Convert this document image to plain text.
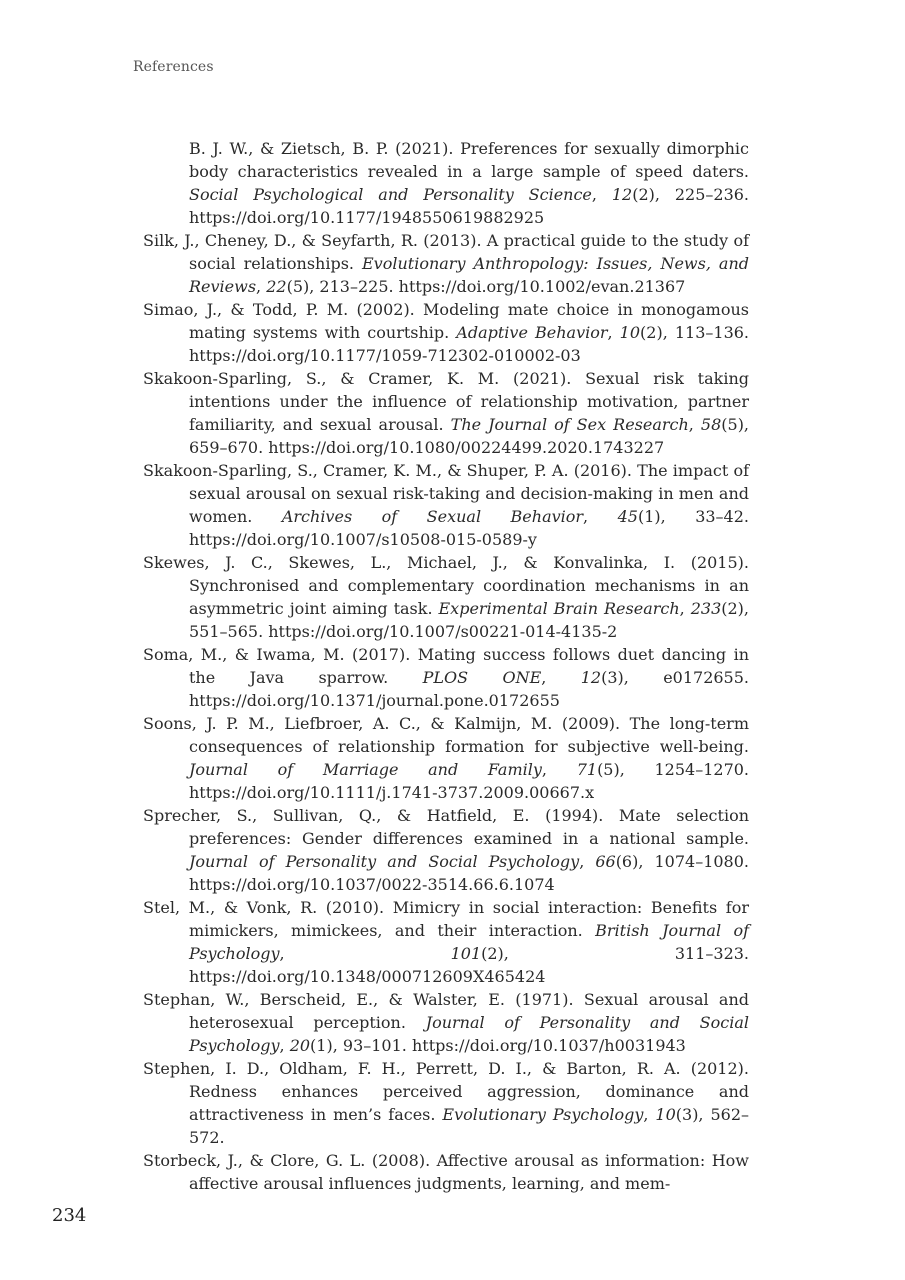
References

B. J. W., & Zietsch, B. P. (2021). Preferences for sexually dimorphic body characteristics revealed in a large sample of speed daters. Social Psychological and Personality Science, 12(2), 225–236. https://doi.org/10.1177/1948550619882925

Silk, J., Cheney, D., & Seyfarth, R. (2013). A practical guide to the study of social relationships. Evolutionary Anthropology: Issues, News, and Reviews, 22(5), 213–225. https://doi.org/10.1002/evan.21367

Simao, J., & Todd, P. M. (2002). Modeling mate choice in monogamous mating systems with courtship. Adaptive Behavior, 10(2), 113–136. https://doi.org/10.1177/1059-712302-010002-03

Skakoon-Sparling, S., & Cramer, K. M. (2021). Sexual risk taking intentions under the influence of relationship motivation, partner familiarity, and sexual arousal. The Journal of Sex Research, 58(5), 659–670. https://doi.org/10.1080/00224499.2020.1743227

Skakoon-Sparling, S., Cramer, K. M., & Shuper, P. A. (2016). The impact of sexual arousal on sexual risk-taking and decision-making in men and women. Archives of Sexual Behavior, 45(1), 33–42. https://doi.org/10.1007/s10508-015-0589-y

Skewes, J. C., Skewes, L., Michael, J., & Konvalinka, I. (2015). Synchronised and complementary coordination mechanisms in an asymmetric joint aiming task. Experimental Brain Research, 233(2), 551–565. https://doi.org/10.1007/s00221-014-4135-2

Soma, M., & Iwama, M. (2017). Mating success follows duet dancing in the Java sparrow. PLOS ONE, 12(3), e0172655. https://doi.org/10.1371/journal.pone.0172655

Soons, J. P. M., Liefbroer, A. C., & Kalmijn, M. (2009). The long-term consequences of relationship formation for subjective well-being. Journal of Marriage and Family, 71(5), 1254–1270. https://doi.org/10.1111/j.1741-3737.2009.00667.x

Sprecher, S., Sullivan, Q., & Hatfield, E. (1994). Mate selection preferences: Gender differences examined in a national sample. Journal of Personality and Social Psychology, 66(6), 1074–1080. https://doi.org/10.1037/0022-3514.66.6.1074

Stel, M., & Vonk, R. (2010). Mimicry in social interaction: Benefits for mimickers, mimickees, and their interaction. British Journal of Psychology, 101(2), 311–323. https://doi.org/10.1348/000712609X465424

Stephan, W., Berscheid, E., & Walster, E. (1971). Sexual arousal and heterosexual perception. Journal of Personality and Social Psychology, 20(1), 93–101. https://doi.org/10.1037/h0031943

Stephen, I. D., Oldham, F. H., Perrett, D. I., & Barton, R. A. (2012). Redness enhances perceived aggression, dominance and attractiveness in men’s faces. Evolutionary Psychology, 10(3), 562–572.

Storbeck, J., & Clore, G. L. (2008). Affective arousal as information: How affective arousal influences judgments, learning, and mem-

234
